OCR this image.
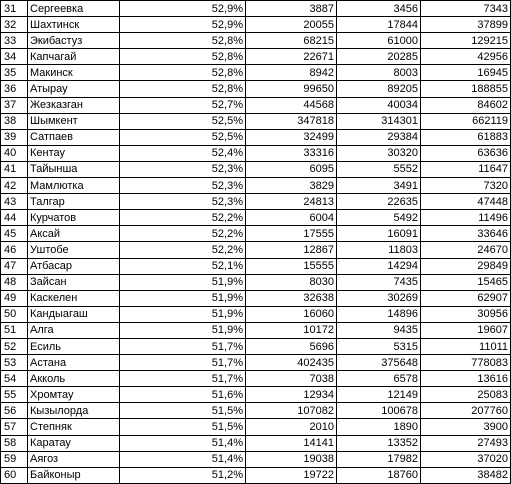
31	Сергеевка	52,9%	3887	3456	7343
32	Шахтинск	52,9%	20055	17844	37899
33	Экибастуз	52,8%	68215	61000	129215
34	Капчагай	52,8%	22671	20285	42956
35	Макинск	52,8%	8942	8003	16945
36	Атырау	52,8%	99650	89205	188855
37	Жезказган	52,7%	44568	40034	84602
38	Шымкент	52,5%	347818	314301	662119
39	Сатпаев	52,5%	32499	29384	61883
40	Кентау	52,4%	33316	30320	63636
41	Тайынша	52,3%	6095	5552	11647
42	Мамлютка	52,3%	3829	3491	7320
43	Талгар	52,3%	24813	22635	47448
44	Курчатов	52,2%	6004	5492	11496
45	Аксай	52,2%	17555	16091	33646
46	Уштобе	52,2%	12867	11803	24670
47	Атбасар	52,1%	15555	14294	29849
48	Зайсан	51,9%	8030	7435	15465
49	Каскелен	51,9%	32638	30269	62907
50	Кандыагаш	51,9%	16060	14896	30956
51	Алга	51,9%	10172	9435	19607
52	Есиль	51,7%	5696	5315	11011
53	Астана	51,7%	402435	375648	778083
54	Акколь	51,7%	7038	6578	13616
55	Хромтау	51,6%	12934	12149	25083
56	Кызылорда	51,5%	107082	100678	207760
57	Степняк	51,5%	2010	1890	3900
58	Каратау	51,4%	14141	13352	27493
59	Аягоз	51,4%	19038	17982	37020
60	Байконыр	51,2%	19722	18760	38482
